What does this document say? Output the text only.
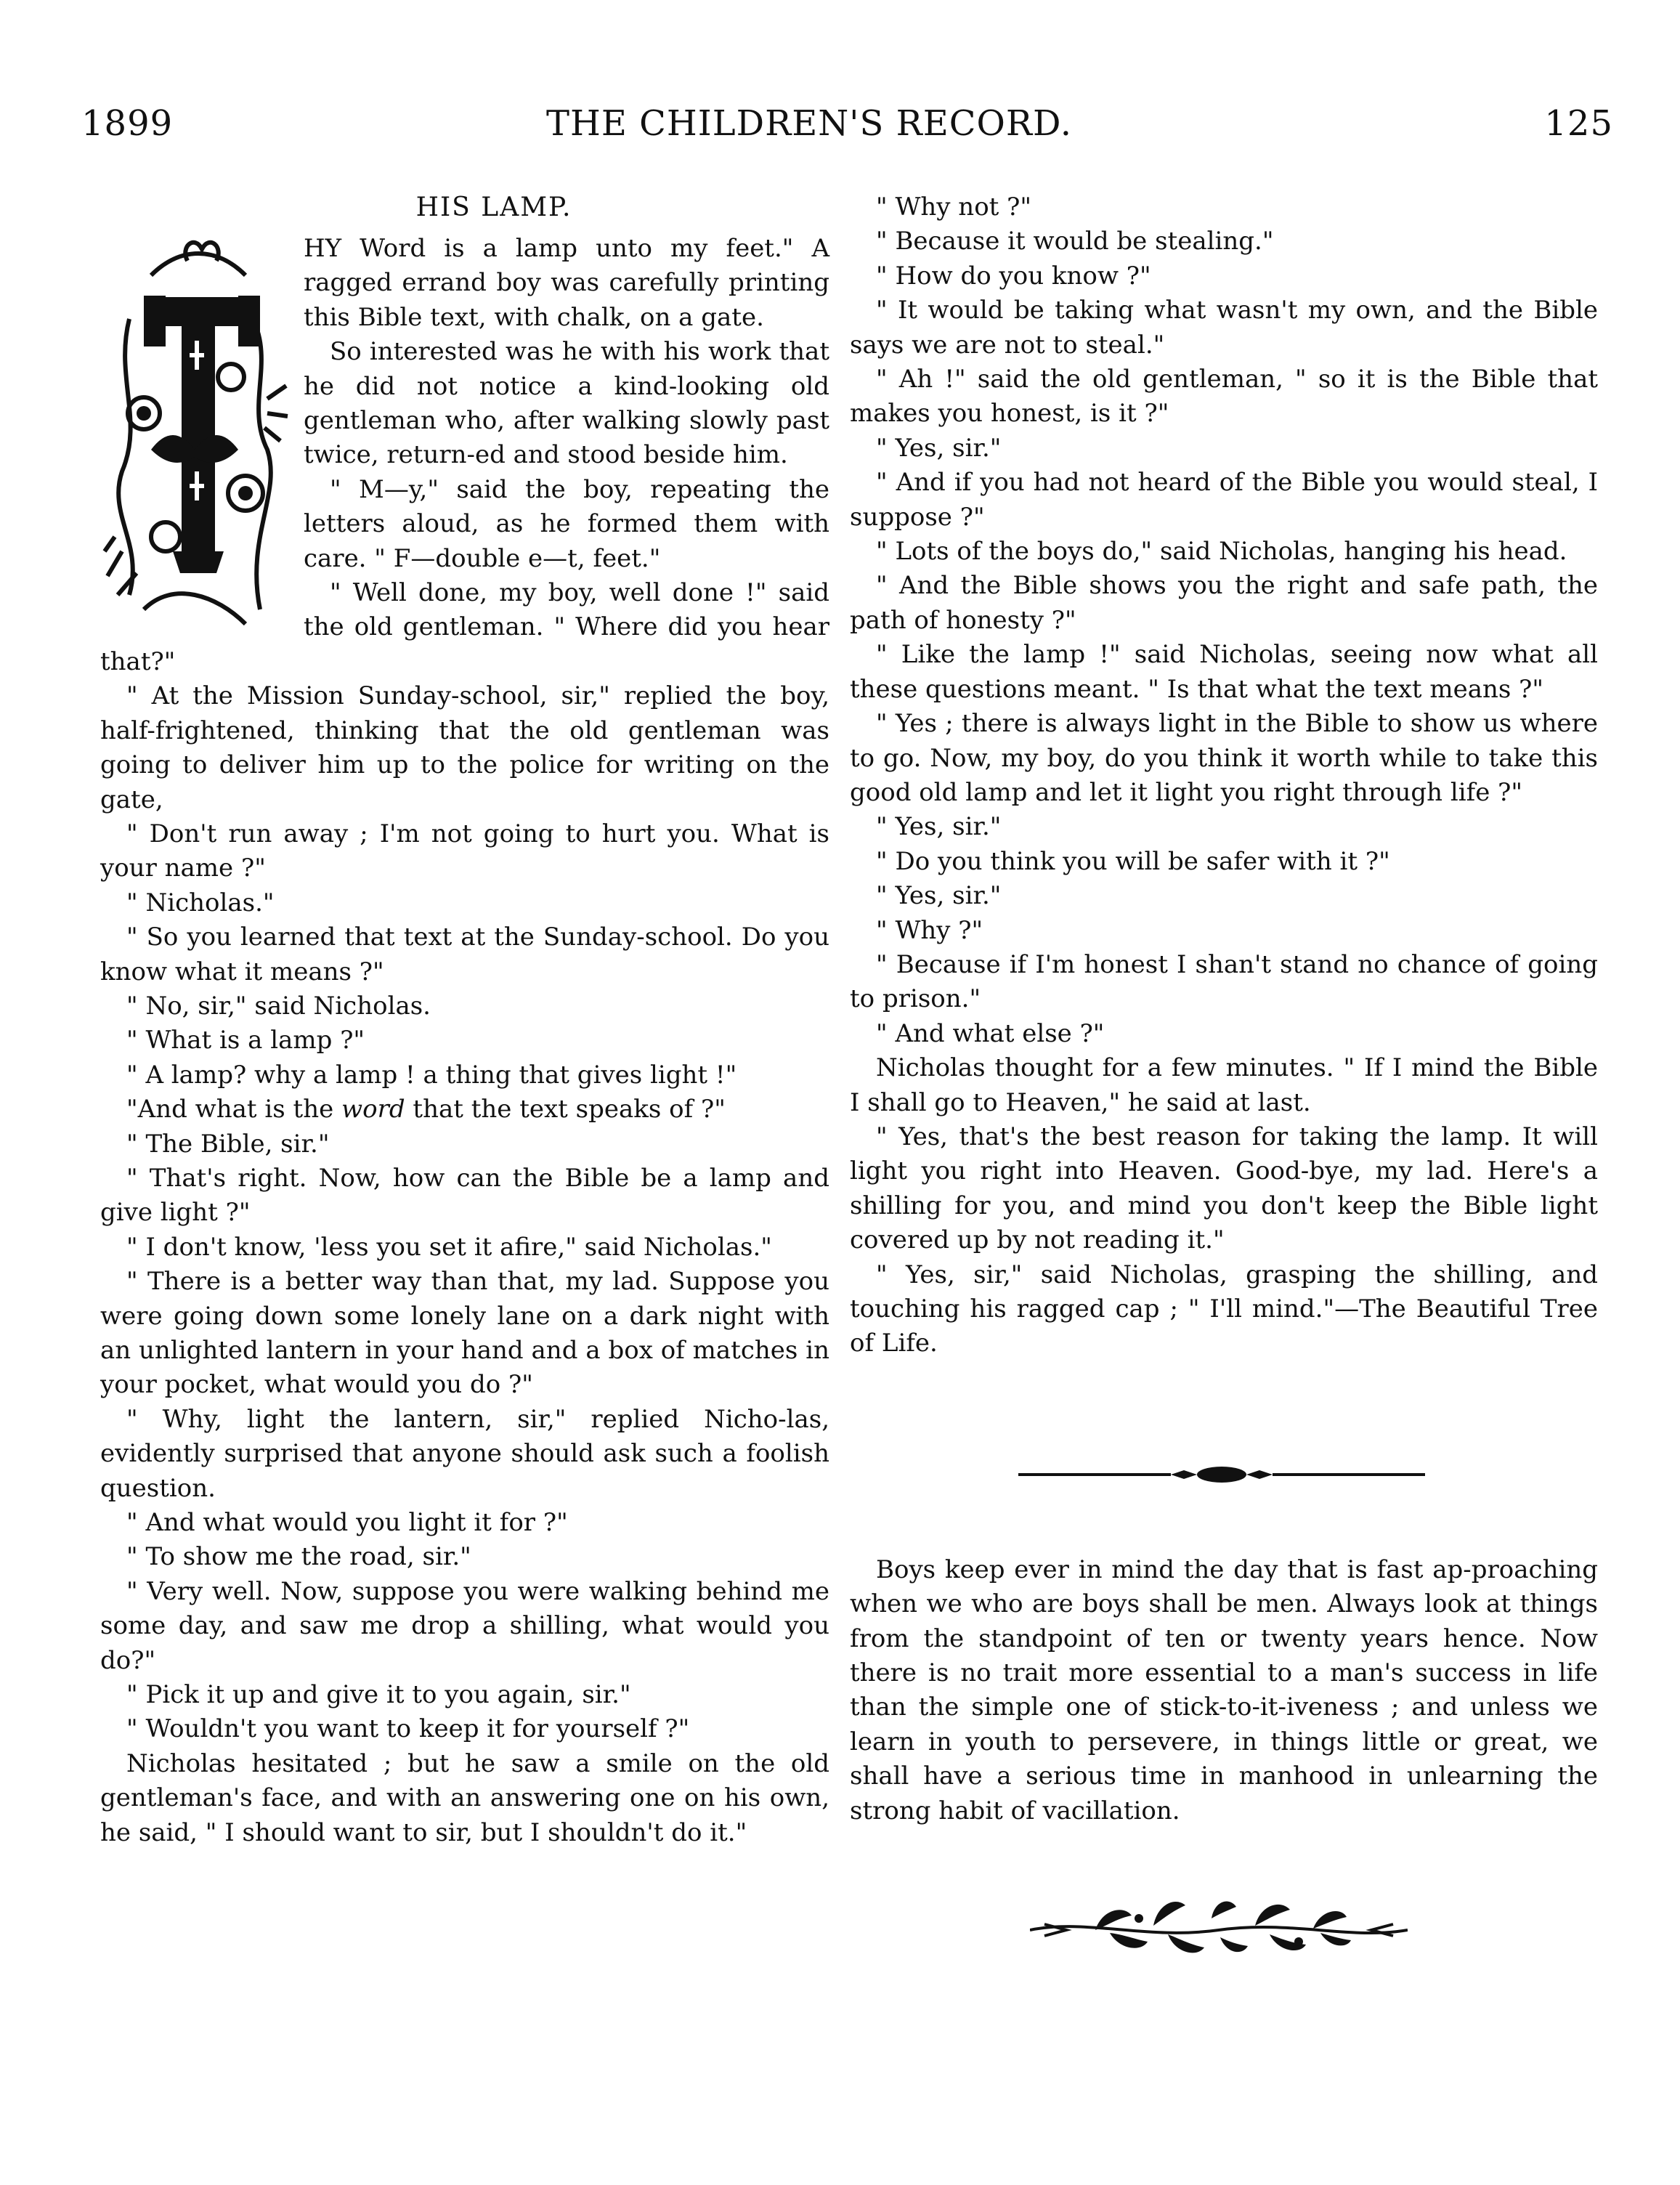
1899	THE CHILDREN'S RECORD.	125
HIS LAMP.

HY Word is a lamp unto my feet." A ragged errand boy was carefully printing this Bible text, with chalk, on a gate.

So interested was he with his work that he did not notice a kind-looking old gentleman who, after walking slowly past twice, return-ed and stood beside him.

" M—y," said the boy, repeating the letters aloud, as he formed them with care. " F—double e—t, feet."

" Well done, my boy, well done !" said the old gentleman. " Where did you hear that?"

" At the Mission Sunday-school, sir," replied the boy, half-frightened, thinking that the old gentleman was going to deliver him up to the police for writing on the gate,

" Don't run away ; I'm not going to hurt you. What is your name ?"

" Nicholas."

" So you learned that text at the Sunday-school. Do you know what it means ?"

" No, sir," said Nicholas.

" What is a lamp ?"

" A lamp? why a lamp ! a thing that gives light !"

"And what is the word that the text speaks of ?"

" The Bible, sir."

" That's right. Now, how can the Bible be a lamp and give light ?"

" I don't know, 'less you set it afire," said Nicholas."

" There is a better way than that, my lad. Suppose you were going down some lonely lane on a dark night with an unlighted lantern in your hand and a box of matches in your pocket, what would you do ?"

" Why, light the lantern, sir," replied Nicho-las, evidently surprised that anyone should ask such a foolish question.

" And what would you light it for ?"

" To show me the road, sir."

" Very well. Now, suppose you were walking behind me some day, and saw me drop a shilling, what would you do?"

" Pick it up and give it to you again, sir."

" Wouldn't you want to keep it for yourself ?"

Nicholas hesitated ; but he saw a smile on the old gentleman's face, and with an answering one on his own, he said, " I should want to sir, but I shouldn't do it."

" Why not ?"

" Because it would be stealing."

" How do you know ?"

" It would be taking what wasn't my own, and the Bible says we are not to steal."

" Ah !" said the old gentleman, " so it is the Bible that makes you honest, is it ?"

" Yes, sir."

" And if you had not heard of the Bible you would steal, I suppose ?"

" Lots of the boys do," said Nicholas, hanging his head.

" And the Bible shows you the right and safe path, the path of honesty ?"

" Like the lamp !" said Nicholas, seeing now what all these questions meant. " Is that what the text means ?"

" Yes ; there is always light in the Bible to show us where to go. Now, my boy, do you think it worth while to take this good old lamp and let it light you right through life ?"

" Yes, sir."

" Do you think you will be safer with it ?"

" Yes, sir."

" Why ?"

" Because if I'm honest I shan't stand no chance of going to prison."

" And what else ?"

Nicholas thought for a few minutes. " If I mind the Bible I shall go to Heaven," he said at last.

" Yes, that's the best reason for taking the lamp. It will light you right into Heaven. Good-bye, my lad. Here's a shilling for you, and mind you don't keep the Bible light covered up by not reading it."

" Yes, sir," said Nicholas, grasping the shilling, and touching his ragged cap ; " I'll mind."—The Beautiful Tree of Life.

Boys keep ever in mind the day that is fast ap-proaching when we who are boys shall be men. Always look at things from the standpoint of ten or twenty years hence. Now there is no trait more essential to a man's success in life than the simple one of stick-to-it-iveness ; and unless we learn in youth to persevere, in things little or great, we shall have a serious time in manhood in unlearning the strong habit of vacillation.
